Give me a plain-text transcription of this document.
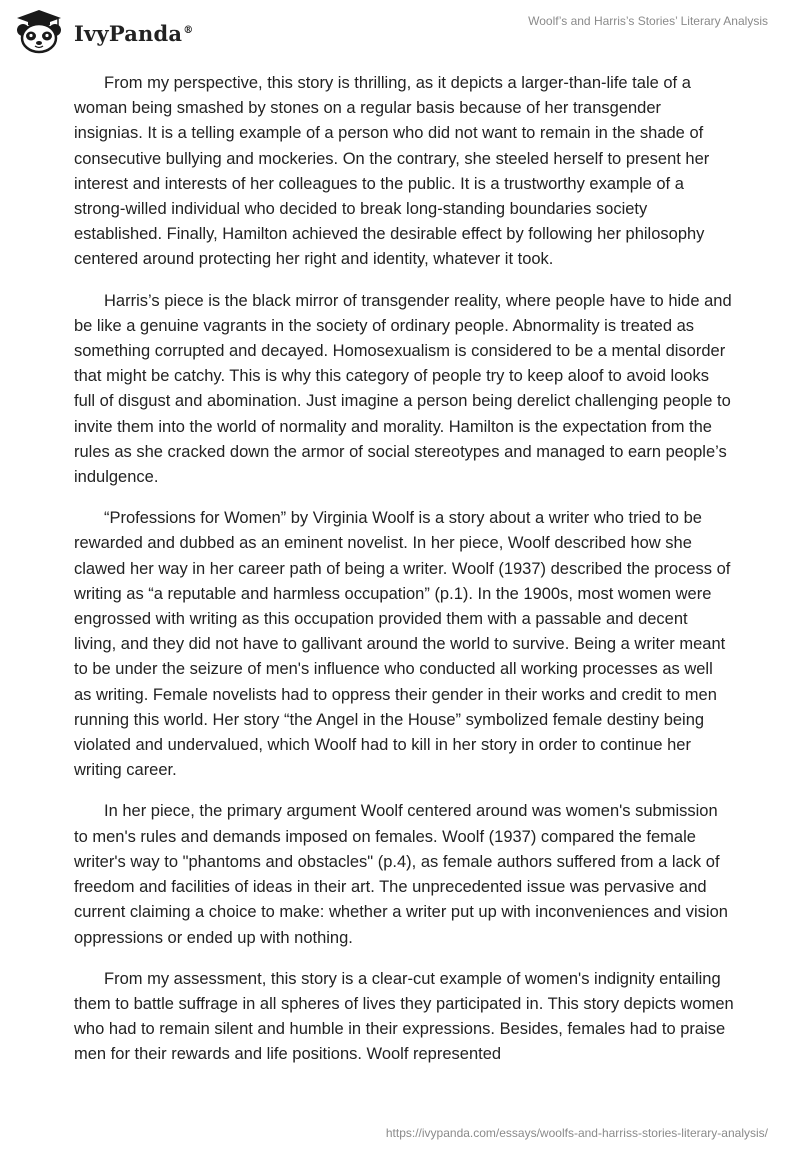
IvyPanda®
Woolf’s and Harris’s Stories’ Literary Analysis

From my perspective, this story is thrilling, as it depicts a larger-than-life tale of a woman being smashed by stones on a regular basis because of her transgender insignias. It is a telling example of a person who did not want to remain in the shade of consecutive bullying and mockeries. On the contrary, she steeled herself to present her interest and interests of her colleagues to the public. It is a trustworthy example of a strong-willed individual who decided to break long-standing boundaries society established. Finally, Hamilton achieved the desirable effect by following her philosophy centered around protecting her right and identity, whatever it took.

Harris’s piece is the black mirror of transgender reality, where people have to hide and be like a genuine vagrants in the society of ordinary people. Abnormality is treated as something corrupted and decayed. Homosexualism is considered to be a mental disorder that might be catchy. This is why this category of people try to keep aloof to avoid looks full of disgust and abomination. Just imagine a person being derelict challenging people to invite them into the world of normality and morality. Hamilton is the expectation from the rules as she cracked down the armor of social stereotypes and managed to earn people’s indulgence.

“Professions for Women” by Virginia Woolf is a story about a writer who tried to be rewarded and dubbed as an eminent novelist. In her piece, Woolf described how she clawed her way in her career path of being a writer. Woolf (1937) described the process of writing as “a reputable and harmless occupation” (p.1). In the 1900s, most women were engrossed with writing as this occupation provided them with a passable and decent living, and they did not have to gallivant around the world to survive. Being a writer meant to be under the seizure of men's influence who conducted all working processes as well as writing. Female novelists had to oppress their gender in their works and credit to men running this world. Her story “the Angel in the House” symbolized female destiny being violated and undervalued, which Woolf had to kill in her story in order to continue her writing career.

In her piece, the primary argument Woolf centered around was women's submission to men's rules and demands imposed on females. Woolf (1937) compared the female writer's way to "phantoms and obstacles" (p.4), as female authors suffered from a lack of freedom and facilities of ideas in their art. The unprecedented issue was pervasive and current claiming a choice to make: whether a writer put up with inconveniences and vision oppressions or ended up with nothing.

From my assessment, this story is a clear-cut example of women's indignity entailing them to battle suffrage in all spheres of lives they participated in. This story depicts women who had to remain silent and humble in their expressions. Besides, females had to praise men for their rewards and life positions. Woolf represented

https://ivypanda.com/essays/woolfs-and-harriss-stories-literary-analysis/
